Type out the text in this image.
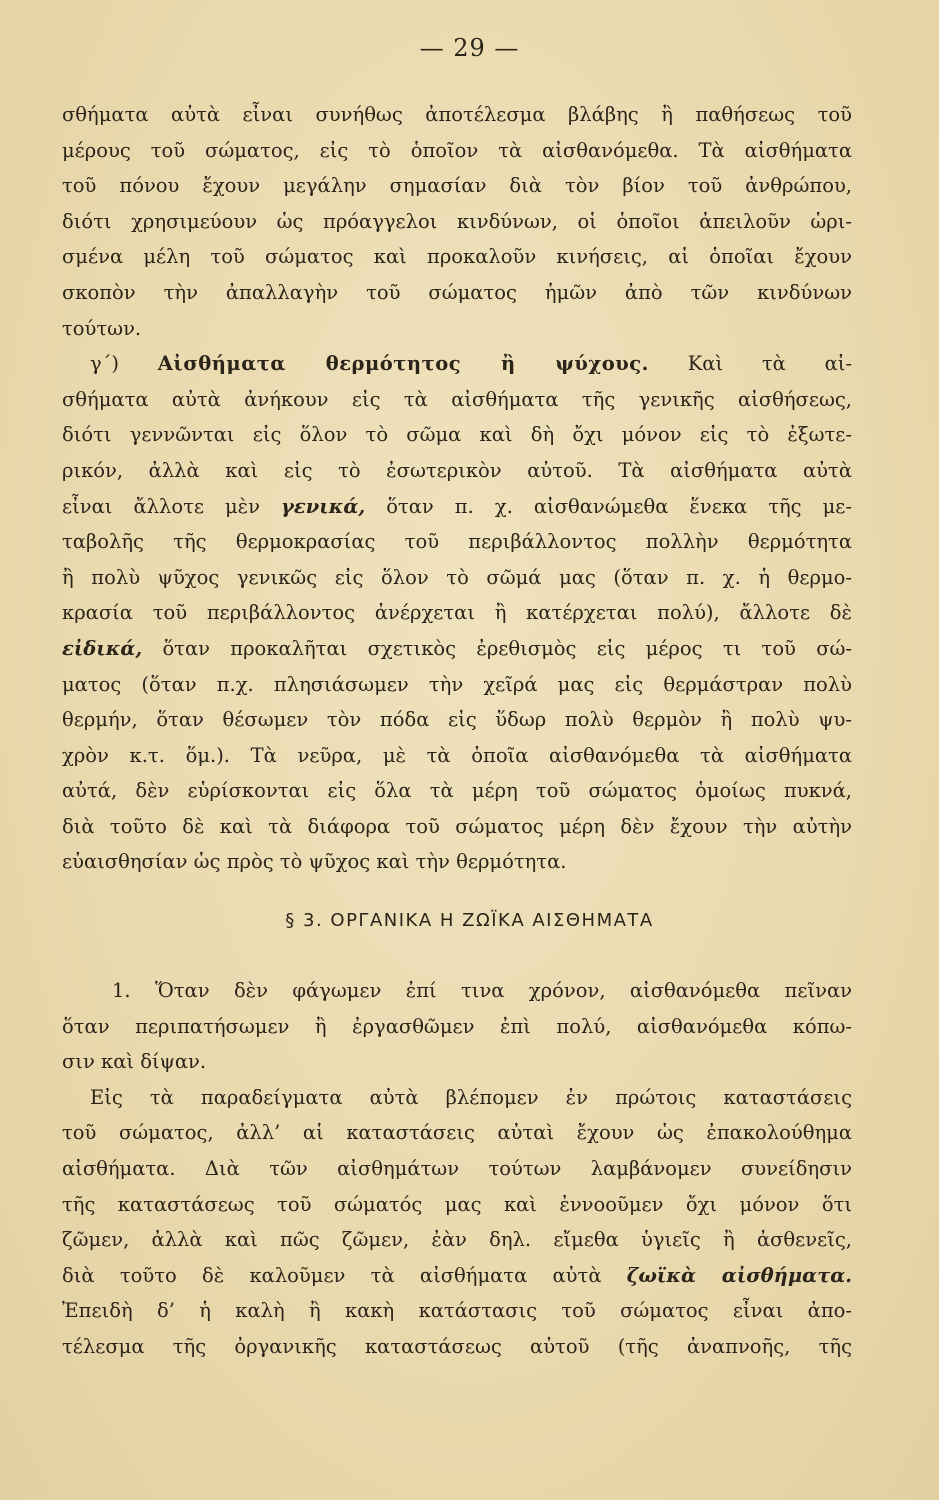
— 29 —
σθήματα αὐτὰ εἶναι συνήθως ἀποτέλεσμα βλάβης ἢ παθήσεως τοῦ
μέρους τοῦ σώματος, εἰς τὸ ὁποῖον τὰ αἰσθανόμεθα. Τὰ αἰσθήματα
τοῦ πόνου ἔχουν μεγάλην σημασίαν διὰ τὸν βίον τοῦ ἀνθρώπου,
διότι χρησιμεύουν ὡς πρόαγγελοι κινδύνων, οἱ ὁποῖοι ἀπειλοῦν ὡρι-
σμένα μέλη τοῦ σώματος καὶ προκαλοῦν κινήσεις, αἱ ὁποῖαι ἔχουν
σκοπὸν τὴν ἀπαλλαγὴν τοῦ σώματος ἡμῶν ἀπὸ τῶν κινδύνων
τούτων.
γ΄) Αἰσθήματα θερμότητος ἢ ψύχους. Καὶ τὰ αἰ-
σθήματα αὐτὰ ἀνήκουν εἰς τὰ αἰσθήματα τῆς γενικῆς αἰσθήσεως,
διότι γεννῶνται εἰς ὅλον τὸ σῶμα καὶ δὴ ὄχι μόνον εἰς τὸ ἐξωτε-
ρικόν, ἀλλὰ καὶ εἰς τὸ ἐσωτερικὸν αὐτοῦ. Τὰ αἰσθήματα αὐτὰ
εἶναι ἄλλοτε μὲν γενικά, ὅταν π. χ. αἰσθανώμεθα ἕνεκα τῆς με-
ταβολῆς τῆς θερμοκρασίας τοῦ περιβάλλοντος πολλὴν θερμότητα
ἢ πολὺ ψῦχος γενικῶς εἰς ὅλον τὸ σῶμά μας (ὅταν π. χ. ἡ θερμο-
κρασία τοῦ περιβάλλοντος ἀνέρχεται ἢ κατέρχεται πολύ), ἄλλοτε δὲ
εἰδικά, ὅταν προκαλῆται σχετικὸς ἐρεθισμὸς εἰς μέρος τι τοῦ σώ-
ματος (ὅταν π.χ. πλησιάσωμεν τὴν χεῖρά μας εἰς θερμάστραν πολὺ
θερμήν, ὅταν θέσωμεν τὸν πόδα εἰς ὕδωρ πολὺ θερμὸν ἢ πολὺ ψυ-
χρὸν κ.τ. ὅμ.). Τὰ νεῦρα, μὲ τὰ ὁποῖα αἰσθανόμεθα τὰ αἰσθήματα
αὐτά, δὲν εὑρίσκονται εἰς ὅλα τὰ μέρη τοῦ σώματος ὁμοίως πυκνά,
διὰ τοῦτο δὲ καὶ τὰ διάφορα τοῦ σώματος μέρη δὲν ἔχουν τὴν αὐτὴν
εὐαισθησίαν ὡς πρὸς τὸ ψῦχος καὶ τὴν θερμότητα.
§ 3. ΟΡΓΑΝΙΚΑ Η ΖΩΪΚΑ ΑΙΣΘΗΜΑΤΑ
1. Ὅταν δὲν φάγωμεν ἐπί τινα χρόνον, αἰσθανόμεθα πεῖναν
ὅταν περιπατήσωμεν ἢ ἐργασθῶμεν ἐπὶ πολύ, αἰσθανόμεθα κόπω-
σιν καὶ δίψαν.
Εἰς τὰ παραδείγματα αὐτὰ βλέπομεν ἐν πρώτοις καταστάσεις
τοῦ σώματος, ἀλλ’ αἱ καταστάσεις αὐταὶ ἔχουν ὡς ἐπακολούθημα
αἰσθήματα. Διὰ τῶν αἰσθημάτων τούτων λαμβάνομεν συνείδησιν
τῆς καταστάσεως τοῦ σώματός μας καὶ ἐννοοῦμεν ὄχι μόνον ὅτι
ζῶμεν, ἀλλὰ καὶ πῶς ζῶμεν, ἐὰν δηλ. εἴμεθα ὑγιεῖς ἢ ἀσθενεῖς,
διὰ τοῦτο δὲ καλοῦμεν τὰ αἰσθήματα αὐτὰ ζωϊκὰ αἰσθήματα.
Ἐπειδὴ δ’ ἡ καλὴ ἢ κακὴ κατάστασις τοῦ σώματος εἶναι ἀπο-
τέλεσμα τῆς ὀργανικῆς καταστάσεως αὐτοῦ (τῆς ἀναπνοῆς, τῆς
